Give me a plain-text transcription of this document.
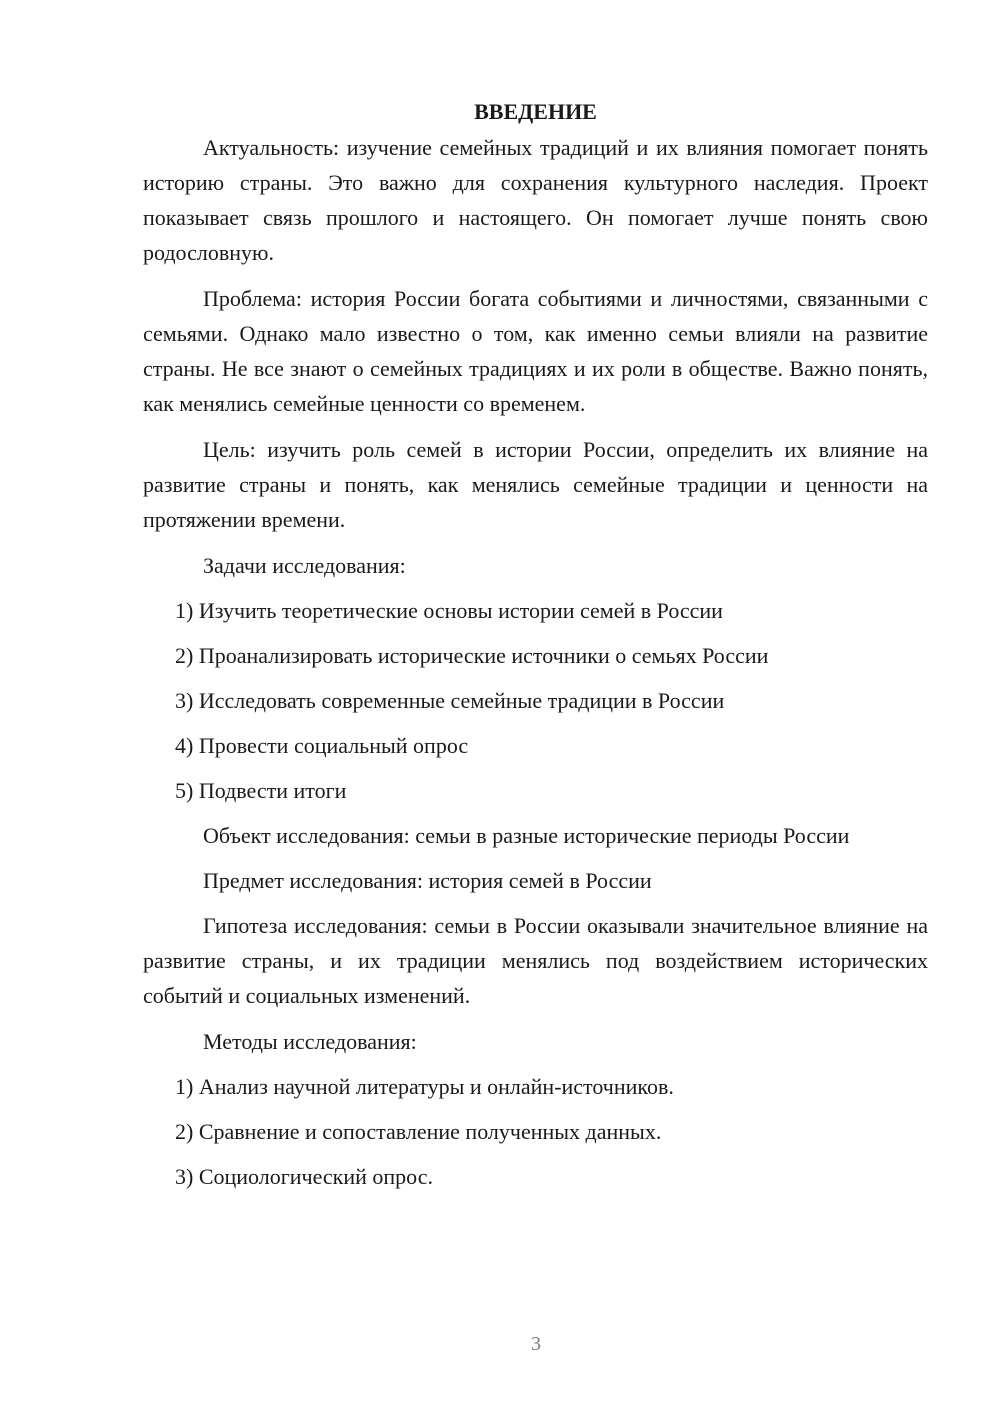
ВВЕДЕНИЕ

Актуальность: изучение семейных традиций и их влияния помогает понять историю страны. Это важно для сохранения культурного наследия. Проект показывает связь прошлого и настоящего. Он помогает лучше понять свою родословную.

Проблема: история России богата событиями и личностями, связанными с семьями. Однако мало известно о том, как именно семьи влияли на развитие страны. Не все знают о семейных традициях и их роли в обществе. Важно понять, как менялись семейные ценности со временем.

Цель: изучить роль семей в истории России, определить их влияние на развитие страны и понять, как менялись семейные традиции и ценности на протяжении времени.

Задачи исследования:

1) Изучить теоретические основы истории семей в России
2) Проанализировать исторические источники о семьях России
3) Исследовать современные семейные традиции в России
4) Провести социальный опрос
5) Подвести итоги

Объект исследования: семьи в разные исторические периоды России

Предмет исследования: история семей в России

Гипотеза исследования: семьи в России оказывали значительное влияние на развитие страны, и их традиции менялись под воздействием исторических событий и социальных изменений.

Методы исследования:

1) Анализ научной литературы и онлайн-источников.
2) Сравнение и сопоставление полученных данных.
3) Социологический опрос.
3
